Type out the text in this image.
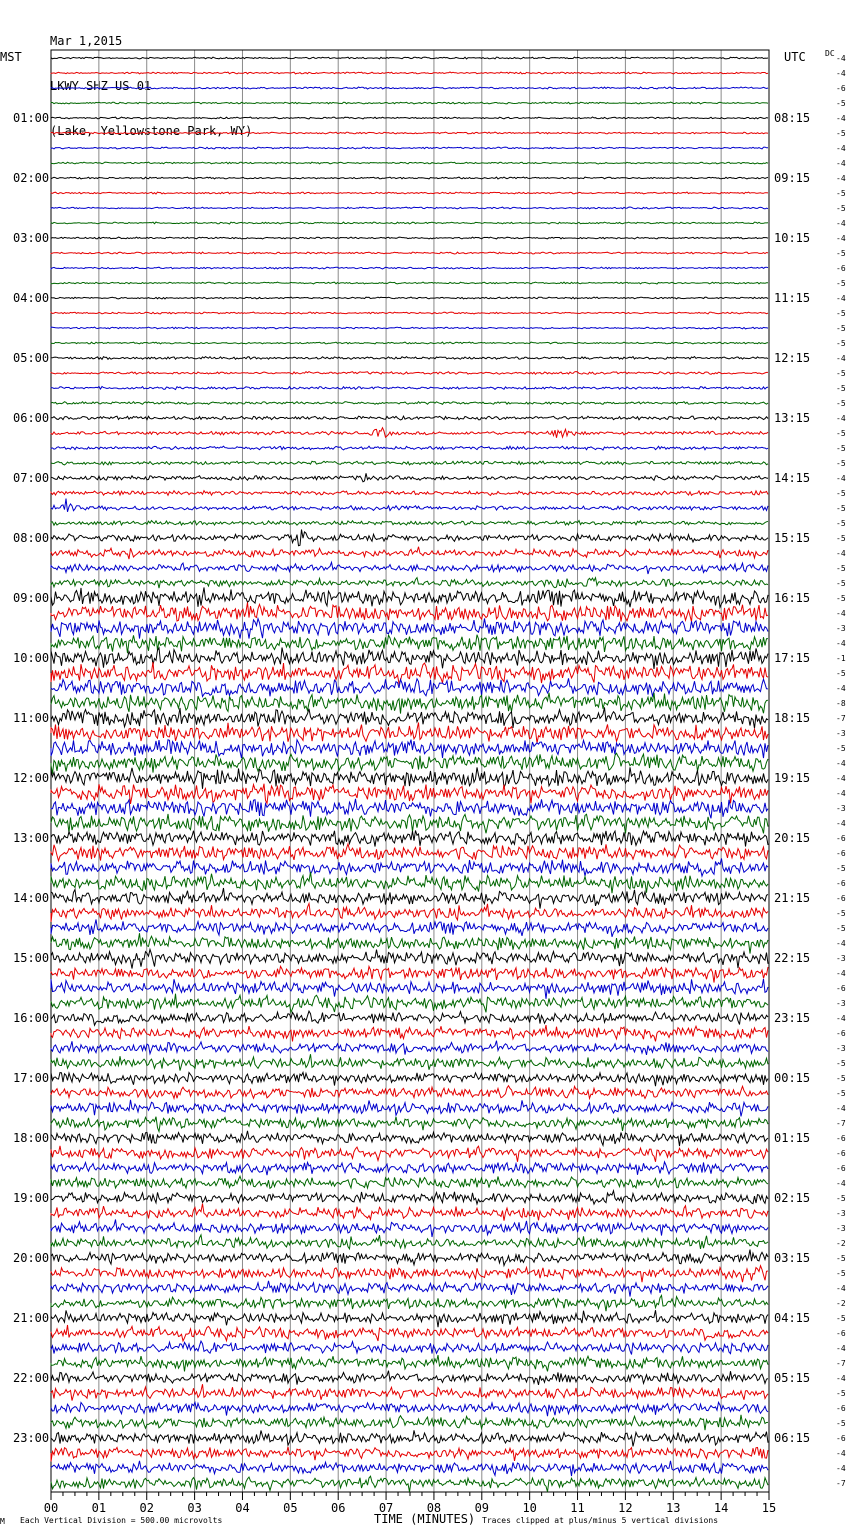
Mar 1,2015

LKWY SHZ US 01

(Lake, Yellowstone Park, WY)

MST	UTC DC
01:00
02:00
03:00
04:00
05:00
06:00
07:00
08:00
09:00
10:00
11:00
12:00
13:00
14:00
15:00
16:00
17:00
18:00
19:00
20:00
21:00
22:00
23:00
08:15
09:15
10:15
11:15
12:15
13:15
14:15
15:15
16:15
17:15
18:15
19:15
20:15
21:15
22:15
23:15
00:15
01:15
02:15
03:15
04:15
05:15
06:15
-4
-4
-6
-5
-4
-5
-4
-4
-4
-5
-5
-4
-4
-5
-6
-5
-4
-5
-5
-5
-4
-5
-5
-5
-4
-5
-5
-5
-4
-5
-5
-5
-5
-4
-5
-5
-5
-4
-3
-4
-1
-5
-4
-8
-7
-3
-5
-4
-4
-4
-3
-4
-6
-6
-5
-6
-6
-5
-5
-4
-3
-4
-6
-3
-4
-6
-3
-5
-5
-5
-4
-7
-6
-6
-6
-4
-5
-3
-3
-2
-5
-5
-4
-2
-5
-6
-4
-7
-4
-5
-6
-5
-6
-4
-4
-7
00	01	02	03	04	05	06	07	08	09	10	11	12	13	14	15
M Each Vertical Division = 500.00 microvolts	TIME (MINUTES) Traces clipped at plus/minus 5 vertical divisions
